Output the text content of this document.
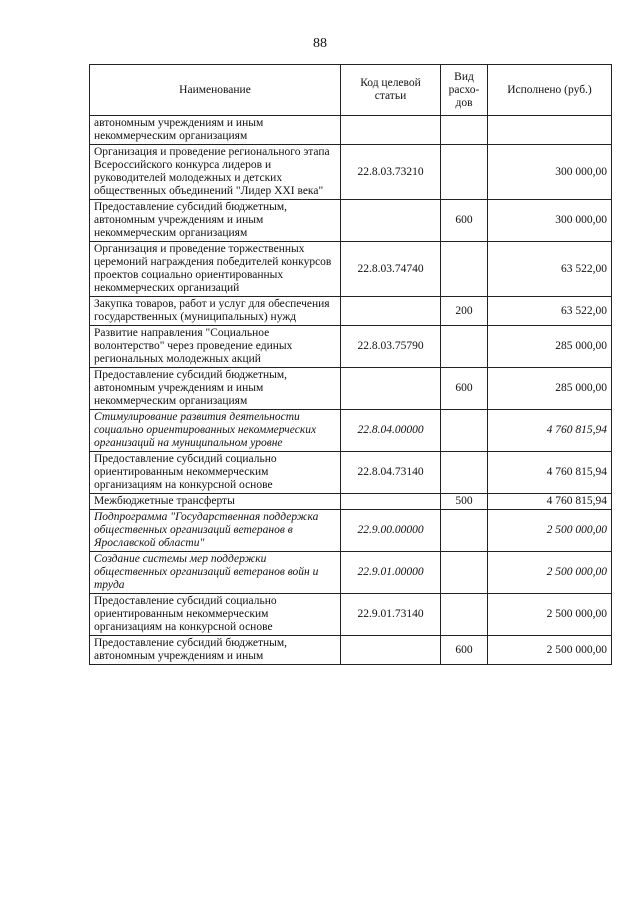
88
Наименование	Код целевой статьи	Вид расхо-дов	Исполнено (руб.)
автономным учреждениям и иным некоммерческим организациям			
Организация и проведение регионального этапа Всероссийского конкурса лидеров и руководителей молодежных и детских общественных объединений "Лидер XXI века"	22.8.03.73210		300 000,00
Предоставление субсидий бюджетным, автономным учреждениям и иным некоммерческим организациям		600	300 000,00
Организация и проведение торжественных церемоний награждения победителей конкурсов проектов социально ориентированных некоммерческих организаций	22.8.03.74740		63 522,00
Закупка товаров, работ и услуг для обеспечения государственных (муниципальных) нужд		200	63 522,00
Развитие направления "Социальное волонтерство" через проведение единых региональных молодежных акций	22.8.03.75790		285 000,00
Предоставление субсидий бюджетным, автономным учреждениям и иным некоммерческим организациям		600	285 000,00
Стимулирование развития деятельности социально ориентированных некоммерческих организаций на муниципальном уровне	22.8.04.00000		4 760 815,94
Предоставление субсидий социально ориентированным некоммерческим организациям на конкурсной основе	22.8.04.73140		4 760 815,94
Межбюджетные трансферты		500	4 760 815,94
Подпрограмма "Государственная поддержка общественных организаций ветеранов в Ярославской области"	22.9.00.00000		2 500 000,00
Создание системы мер поддержки общественных организаций ветеранов войн и труда	22.9.01.00000		2 500 000,00
Предоставление субсидий социально ориентированным некоммерческим организациям на конкурсной основе	22.9.01.73140		2 500 000,00
Предоставление субсидий бюджетным, автономным учреждениям и иным		600	2 500 000,00
